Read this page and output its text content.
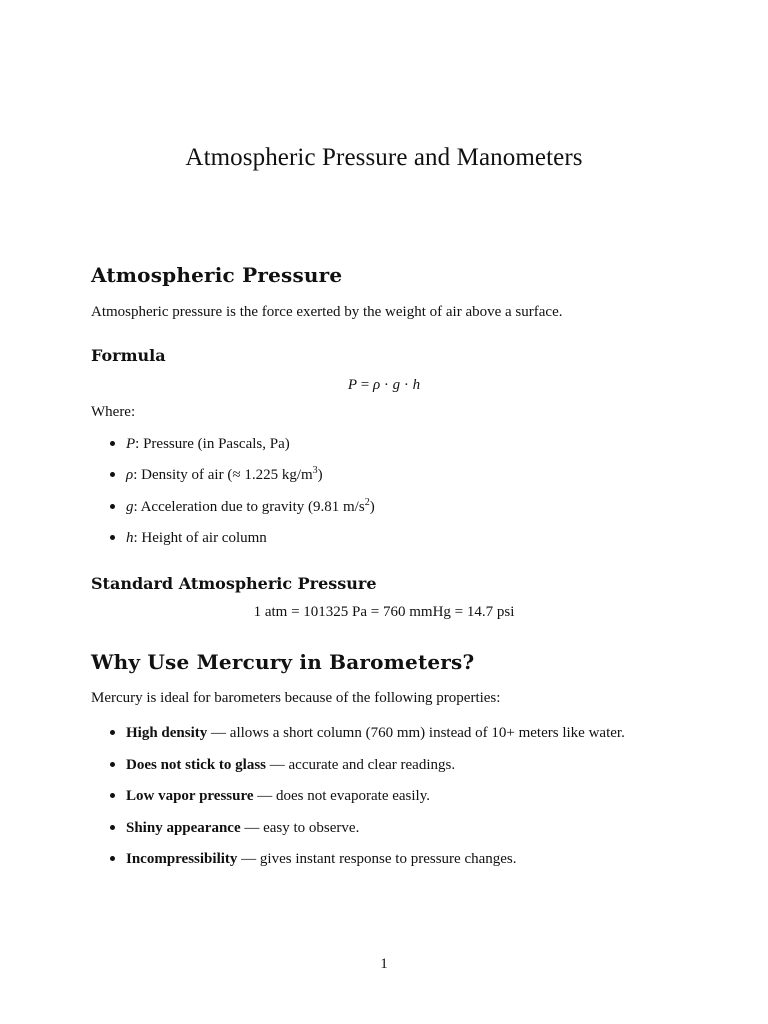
Atmospheric Pressure and Manometers
Atmospheric Pressure
Atmospheric pressure is the force exerted by the weight of air above a surface.
Formula
P = ρ · g · h
Where:
P: Pressure (in Pascals, Pa)
ρ: Density of air (≈ 1.225 $kg/m^3$)
g: Acceleration due to gravity (9.81 $m/s^2$)
h: Height of air column
Standard Atmospheric Pressure
1 atm = 101325 Pa = 760 mmHg = 14.7 psi
Why Use Mercury in Barometers?
Mercury is ideal for barometers because of the following properties:
High density — allows a short column (760 mm) instead of 10+ meters like water.
Does not stick to glass — accurate and clear readings.
Low vapor pressure — does not evaporate easily.
Shiny appearance — easy to observe.
Incompressibility — gives instant response to pressure changes.
1
